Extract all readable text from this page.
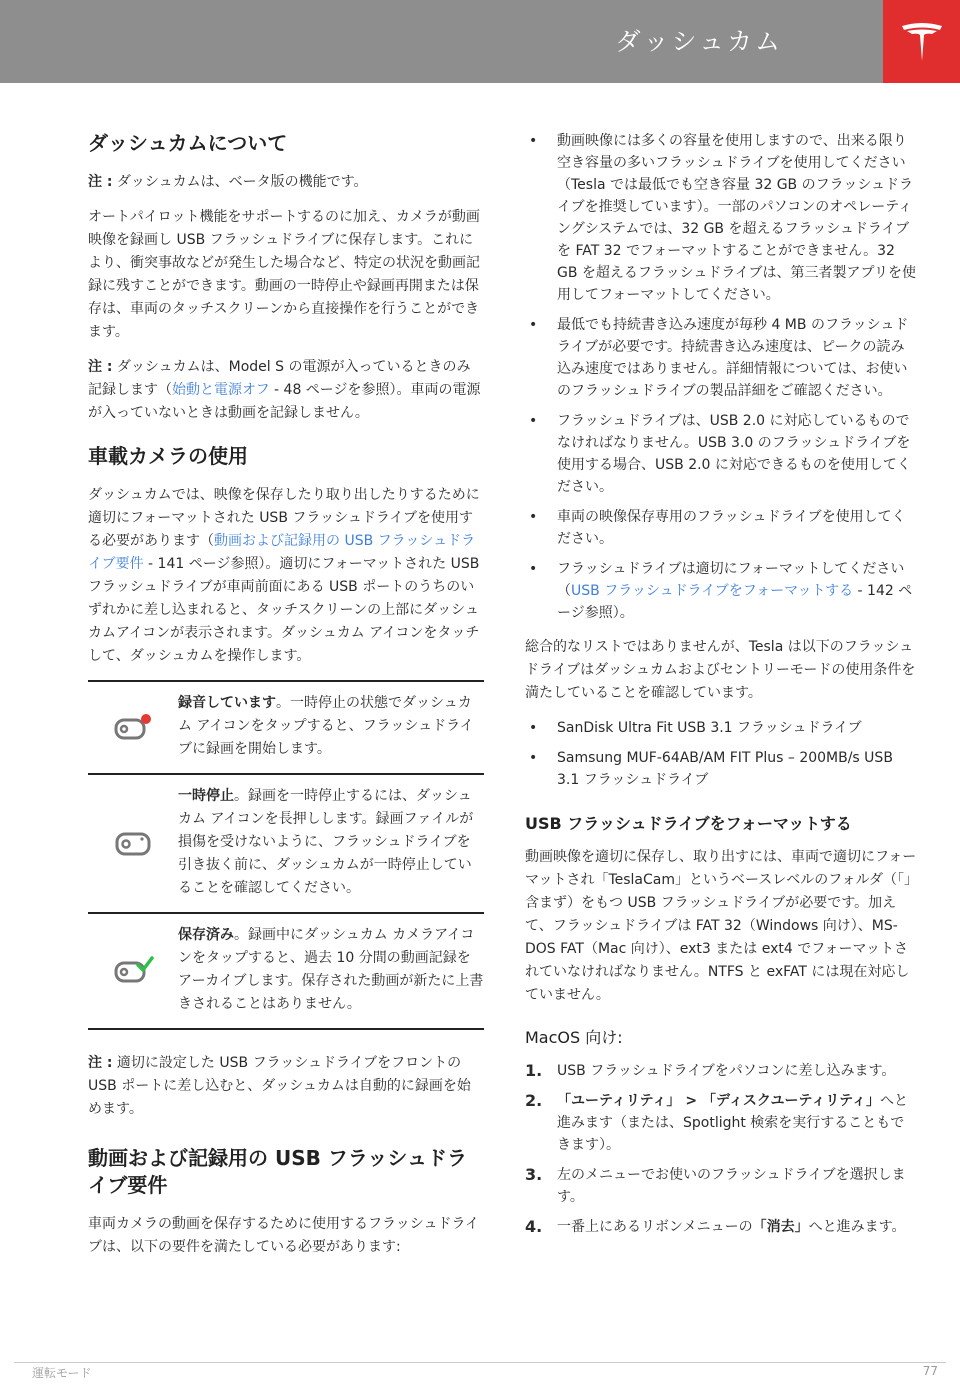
ダッシュカム
ダッシュカムについて

注 : ダッシュカムは、ベータ版の機能です。

オートパイロット機能をサポートするのに加え、カメラが動画映像を録画し USB フラッシュドライブに保存します。これにより、衝突事故などが発生した場合など、特定の状況を動画記録に残すことができます。動画の一時停止や録画再開または保存は、車両のタッチスクリーンから直接操作を行うことができます。

注 : ダッシュカムは、Model S の電源が入っているときのみ記録します（始動と電源オフ - 48 ページを参照）。車両の電源が入っていないときは動画を記録しません。

車載カメラの使用

ダッシュカムでは、映像を保存したり取り出したりするために適切にフォーマットされた USB フラッシュドライブを使用する必要があります（動画および記録用の USB フラッシュドライブ要件 - 141 ページ参照）。適切にフォーマットされた USB フラッシュドライブが車両前面にある USB ポートのうちのいずれかに差し込まれると、タッチスクリーンの上部にダッシュカムアイコンが表示されます。ダッシュカム アイコンをタッチして、ダッシュカムを操作します。

録音しています。一時停止の状態でダッシュカム アイコンをタップすると、フラッシュドライブに録画を開始します。
一時停止。録画を一時停止するには、ダッシュカム アイコンを長押しします。録画ファイルが損傷を受けないように、フラッシュドライブを引き抜く前に、ダッシュカムが一時停止していることを確認してください。
保存済み。録画中にダッシュカム カメラアイコンをタップすると、過去 10 分間の動画記録をアーカイブします。保存された動画が新たに上書きされることはありません。

注 : 適切に設定した USB フラッシュドライブをフロントの USB ポートに差し込むと、ダッシュカムは自動的に録画を始めます。

動画および記録用の USB フラッシュドライブ要件

車両カメラの動画を保存するために使用するフラッシュドライブは、以下の要件を満たしている必要があります:

• 動画映像には多くの容量を使用しますので、出来る限り空き容量の多いフラッシュドライブを使用してください（Tesla では最低でも空き容量 32 GB のフラッシュドライブを推奨しています）。一部のパソコンのオペレーティングシステムでは、32 GB を超えるフラッシュドライブを FAT 32 でフォーマットすることができません。32 GB を超えるフラッシュドライブは、第三者製アプリを使用してフォーマットしてください。
• 最低でも持続書き込み速度が毎秒 4 MB のフラッシュドライブが必要です。持続書き込み速度は、ピークの読み込み速度ではありません。詳細情報については、お使いのフラッシュドライブの製品詳細をご確認ください。
• フラッシュドライブは、USB 2.0 に対応しているものでなければなりません。USB 3.0 のフラッシュドライブを使用する場合、USB 2.0 に対応できるものを使用してください。
• 車両の映像保存専用のフラッシュドライブを使用してください。
• フラッシュドライブは適切にフォーマットしてください（USB フラッシュドライブをフォーマットする - 142 ページ参照）。

総合的なリストではありませんが、Tesla は以下のフラッシュドライブはダッシュカムおよびセントリーモードの使用条件を満たしていることを確認しています。

• SanDisk Ultra Fit USB 3.1 フラッシュドライブ
• Samsung MUF-64AB/AM FIT Plus – 200MB/s USB 3.1 フラッシュドライブ
USB フラッシュドライブをフォーマットする

動画映像を適切に保存し、取り出すには、車両で適切にフォーマットされ「TeslaCam」というベースレベルのフォルダ（「」含まず）をもつ USB フラッシュドライブが必要です。加えて、フラッシュドライブは FAT 32（Windows 向け）、MS-DOS FAT（Mac 向け）、ext3 または ext4 でフォーマットされていなければなりません。NTFS と exFAT には現在対応していません。

MacOS 向け:
1. USB フラッシュドライブをパソコンに差し込みます。
2. 「ユーティリティ」 > 「ディスクユーティリティ」へと進みます（または、Spotlight 検索を実行することもできます）。
3. 左のメニューでお使いのフラッシュドライブを選択します。
4. 一番上にあるリボンメニューの「消去」へと進みます。
運転モード	77
